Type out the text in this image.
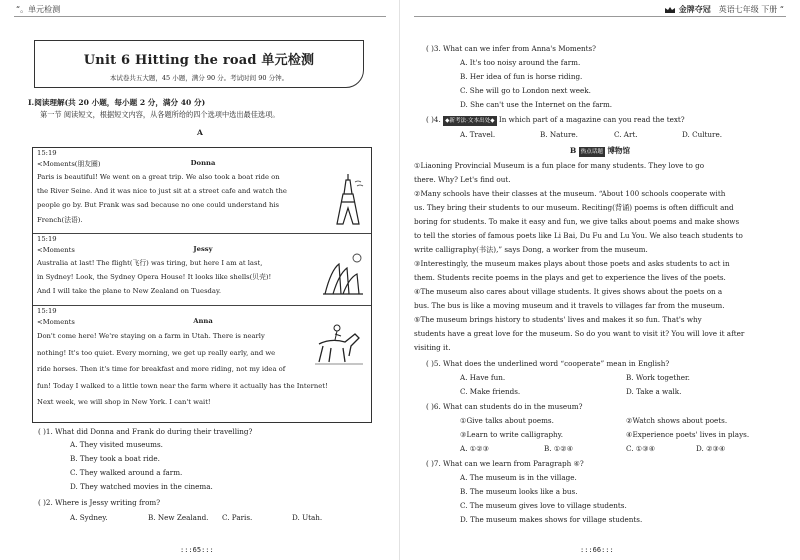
“。单元检测
Unit 6 Hitting the road 单元检测
本试卷共五大题，45 小题，满分 90 分。考试时间 90 分钟。
Ⅰ.阅读理解(共 20 小题，每小题 2 分，满分 40 分)
第一节 阅读短文，根据短文内容，从各题所给的四个选项中选出最佳选项。
A
15:19
<Moments(朋友圈)	Donna
Paris is beautiful! We went on a great trip. We also took a boat ride on
the River Seine. And it was nice to just sit at a street cafe and watch the
people go by. But Frank was sad because no one could understand his
French(法语).
15:19
<Moments	Jessy
Australia at last! The flight(飞行) was tiring, but here I am at last,
in Sydney! Look, the Sydney Opera House! It looks like shells(贝壳)!
And I will take the plane to New Zealand on Tuesday.
15:19
<Moments	Anna
Don't come here! We're staying on a farm in Utah. There is nearly
nothing! It's too quiet. Every morning, we get up really early, and we
ride horses. Then it's time for breakfast and more riding, not my idea of
fun! Today I walked to a little town near the farm where it actually has the Internet!
Next week, we will shop in New York. I can't wait!
( )1. What did Donna and Frank do during their travelling?
A. They visited museums.
B. They took a boat ride.
C. They walked around a farm.
D. They watched movies in the cinema.
( )2. Where is Jessy writing from?
A. Sydney.	B. New Zealand. C. Paris.	D. Utah.
:::65:::
金牌夺冠 英语七年级 下册 “
( )3. What can we infer from Anna's Moments?
A. It's too noisy around the farm.
B. Her idea of fun is horse riding.
C. She will go to London next week.
D. She can't use the Internet on the farm.
( )4. ◆新考法·文本出处◆ In which part of a magazine can you read the text?
A. Travel.	B. Nature.	C. Art.	D. Culture.
B 热点话题 博物馆
①Liaoning Provincial Museum is a fun place for many students. They love to go
there. Why? Let's find out.
②Many schools have their classes at the museum. “About 100 schools cooperate with
us. They bring their students to our museum. Reciting(背诵) poems is often difficult and
boring for students. To make it easy and fun, we give talks about poems and make shows
to tell the stories of famous poets like Li Bai, Du Fu and Lu You. We also teach students to
write calligraphy(书法),” says Dong, a worker from the museum.
③Interestingly, the museum makes plays about those poets and asks students to act in
them. Students recite poems in the plays and get to experience the lives of the poets.
④The museum also cares about village students. It gives shows about the poets on a
bus. The bus is like a moving museum and it travels to villages far from the museum.
⑤The museum brings history to students' lives and makes it so fun. That's why
students have a great love for the museum. So do you want to visit it? You will love it after
visiting it.
( )5. What does the underlined word “cooperate” mean in English?
A. Have fun.	B. Work together.
C. Make friends.	D. Take a walk.
( )6. What can students do in the museum?
①Give talks about poems.	②Watch shows about poets.
③Learn to write calligraphy.	④Experience poets' lives in plays.
A. ①②③	B. ①②④	C. ①③④	D. ②③④
( )7. What can we learn from Paragraph ④?
A. The museum is in the village.
B. The museum looks like a bus.
C. The museum gives love to village students.
D. The museum makes shows for village students.
:::66:::
